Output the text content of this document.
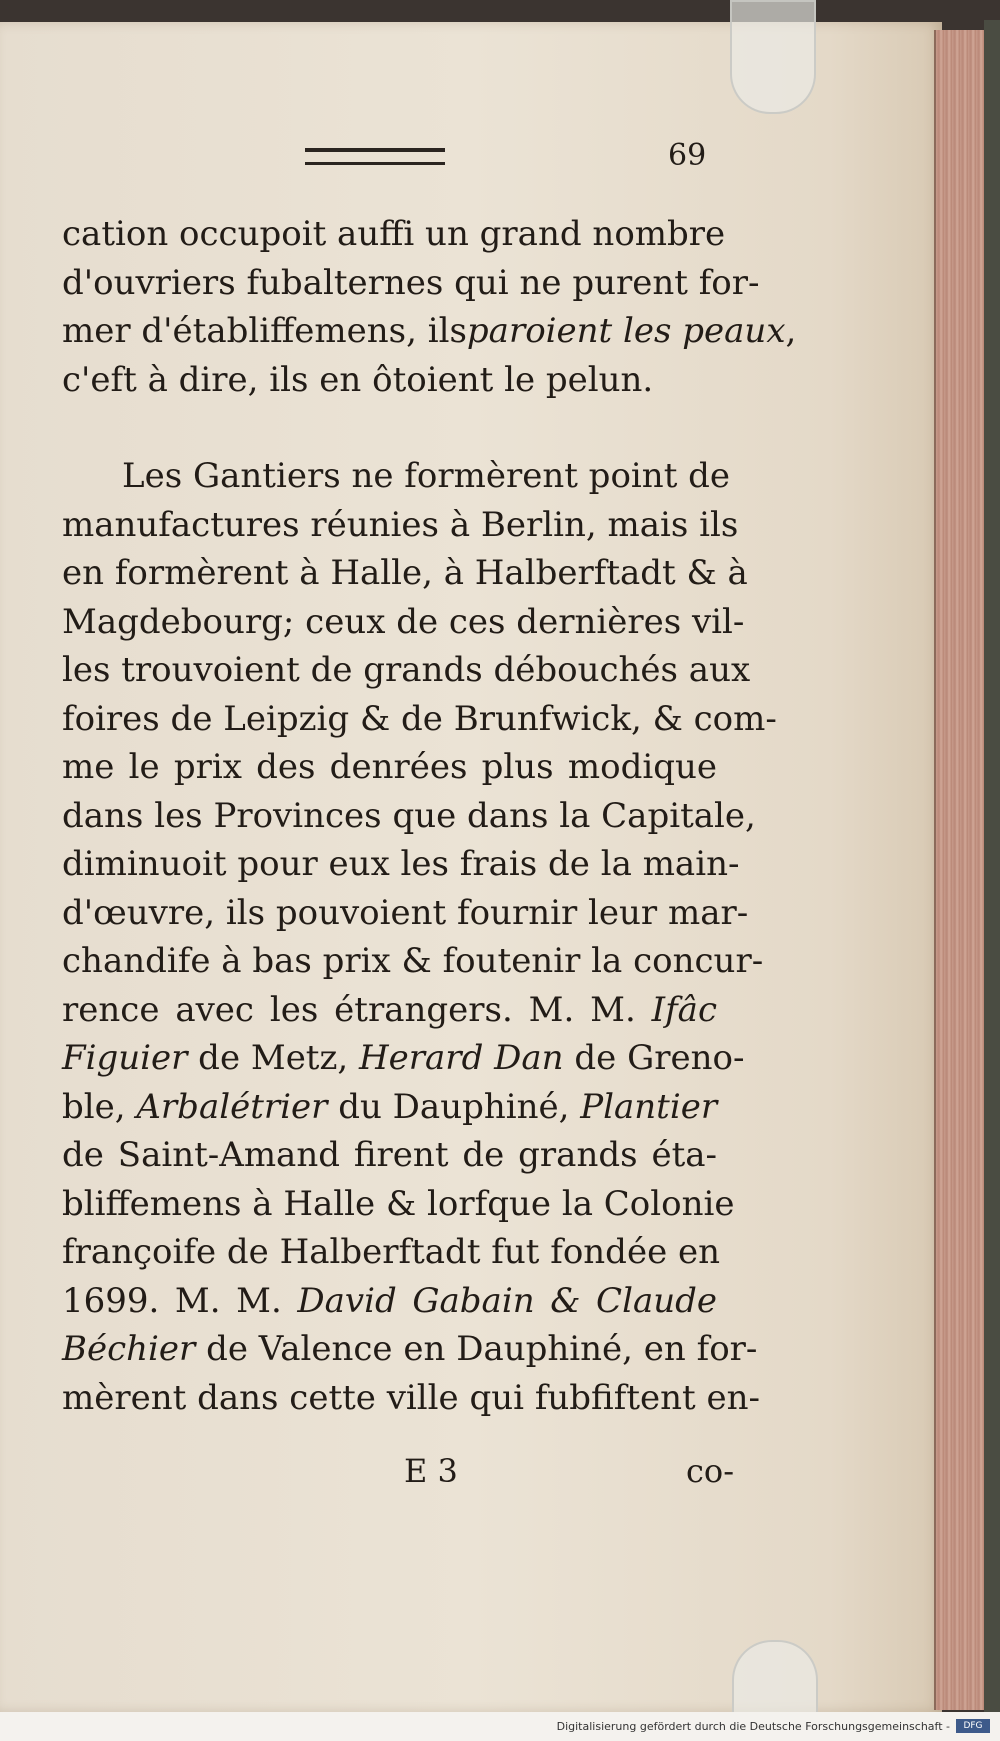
69
cation occupoit auffi un grand nombre
d'ouvriers fubalternes qui ne purent for-
mer d'établiffemens, ilsparoient les peaux,
c'eft à dire, ils en ôtoient le pelun.
Les Gantiers ne formèrent point de
manufactures réunies à Berlin, mais ils
en formèrent à Halle, à Halberftadt & à
Magdebourg; ceux de ces dernières vil-
les trouvoient de grands débouchés aux
foires de Leipzig & de Brunfwick, & com-
me le prix des denrées plus modique
dans les Provinces que dans la Capitale,
diminuoit pour eux les frais de la main-
d'œuvre, ils pouvoient fournir leur mar-
chandife à bas prix & foutenir la concur-
rence avec les étrangers. M. M. Ifâc
Figuier de Metz, Herard Dan de Greno-
ble, Arbalétrier du Dauphiné, Plantier
de Saint-Amand firent de grands éta-
bliffemens à Halle & lorfque la Colonie
françoife de Halberftadt fut fondée en
1699. M. M. David Gabain & Claude
Béchier de Valence en Dauphiné, en for-
mèrent dans cette ville qui fubfiftent en-
E 3	co-
Digitalisierung gefördert durch die Deutsche Forschungsgemeinschaft -	DFG
